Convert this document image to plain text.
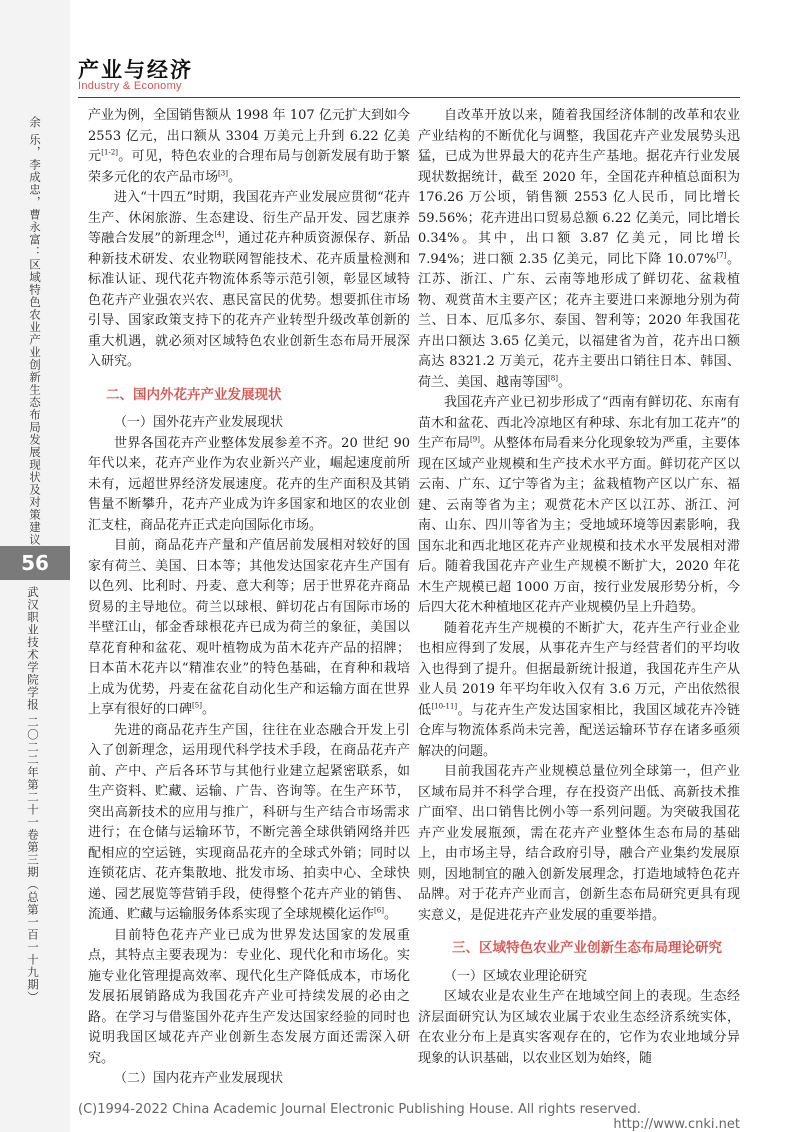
产业与经济
Industry & Economy
余 乐，李成忠，曹永富：区域特色农业产业创新生态布局发展现状及对策建议
56
武汉职业技术学院学报 二〇二二年第二十一卷第三期（总第一百一十九期）

产业为例，全国销售额从 1998 年 107 亿元扩大到如今 2553 亿元，出口额从 3304 万美元上升到 6.22 亿美元[1-2]。可见，特色农业的合理布局与创新发展有助于繁荣多元化的农产品市场[3]。

进入“十四五”时期，我国花卉产业发展应贯彻“花卉生产、休闲旅游、生态建设、衍生产品开发、园艺康养等融合发展”的新理念[4]，通过花卉种质资源保存、新品种新技术研发、农业物联网智能技术、花卉质量检测和标准认证、现代花卉物流体系等示范引领，彰显区域特色花卉产业强农兴农、惠民富民的优势。想要抓住市场引导、国家政策支持下的花卉产业转型升级改革创新的重大机遇，就必须对区域特色农业创新生态布局开展深入研究。

二、国内外花卉产业发展现状

（一）国外花卉产业发展现状

世界各国花卉产业整体发展参差不齐。20 世纪 90 年代以来，花卉产业作为农业新兴产业，崛起速度前所未有，远超世界经济发展速度。花卉的生产面积及其销售量不断攀升，花卉产业成为许多国家和地区的农业创汇支柱，商品花卉正式走向国际化市场。

目前，商品花卉产量和产值居前发展相对较好的国家有荷兰、美国、日本等；其他发达国家花卉生产国有以色列、比利时、丹麦、意大利等；居于世界花卉商品贸易的主导地位。荷兰以球根、鲜切花占有国际市场的半壁江山，郁金香球根花卉已成为荷兰的象征，美国以草花育种和盆花、观叶植物成为苗木花卉产品的招牌；日本苗木花卉以“精准农业”的特色基础，在育种和栽培上成为优势，丹麦在盆花自动化生产和运输方面在世界上享有很好的口碑[5]。

先进的商品花卉生产国，往往在业态融合开发上引入了创新理念，运用现代科学技术手段，在商品花卉产前、产中、产后各环节与其他行业建立起紧密联系，如生产资料、贮藏、运输、广告、咨询等。在生产环节，突出高新技术的应用与推广，科研与生产结合市场需求进行；在仓储与运输环节，不断完善全球供销网络并匹配相应的空运链，实现商品花卉的全球式外销；同时以连锁花店、花卉集散地、批发市场、拍卖中心、全球快递、园艺展览等营销手段，使得整个花卉产业的销售、流通、贮藏与运输服务体系实现了全球规模化运作[6]。

目前特色花卉产业已成为世界发达国家的发展重点，其特点主要表现为：专业化、现代化和市场化。实施专业化管理提高效率、现代化生产降低成本，市场化发展拓展销路成为我国花卉产业可持续发展的必由之路。在学习与借鉴国外花卉生产发达国家经验的同时也说明我国区域花卉产业创新生态发展方面还需深入研究。

（二）国内花卉产业发展现状

自改革开放以来，随着我国经济体制的改革和农业产业结构的不断优化与调整，我国花卉产业发展势头迅猛，已成为世界最大的花卉生产基地。据花卉行业发展现状数据统计，截至 2020 年，全国花卉种植总面积为 176.26 万公顷，销售额 2553 亿人民币，同比增长 59.56%；花卉进出口贸易总额 6.22 亿美元，同比增长 0.34%。其中，出口额 3.87 亿美元，同比增长 7.94%；进口额 2.35 亿美元，同比下降 10.07%[7]。江苏、浙江、广东、云南等地形成了鲜切花、盆栽植物、观赏苗木主要产区；花卉主要进口来源地分别为荷兰、日本、厄瓜多尔、泰国、智利等；2020 年我国花卉出口额达 3.65 亿美元，以福建省为首，花卉出口额高达 8321.2 万美元，花卉主要出口销往日本、韩国、荷兰、美国、越南等国[8]。

我国花卉产业已初步形成了“西南有鲜切花、东南有苗木和盆花、西北冷凉地区有种球、东北有加工花卉”的生产布局[9]。从整体布局看来分化现象较为严重，主要体现在区域产业规模和生产技术水平方面。鲜切花产区以云南、广东、辽宁等省为主；盆栽植物产区以广东、福建、云南等省为主；观赏花木产区以江苏、浙江、河南、山东、四川等省为主；受地域环境等因素影响，我国东北和西北地区花卉产业规模和技术水平发展相对滞后。随着我国花卉产业生产规模不断扩大，2020 年花木生产规模已超 1000 万亩，按行业发展形势分析，今后四大花木种植地区花卉产业规模仍呈上升趋势。

随着花卉生产规模的不断扩大，花卉生产行业企业也相应得到了发展，从事花卉生产与经营者们的平均收入也得到了提升。但据最新统计报道，我国花卉生产从业人员 2019 年平均年收入仅有 3.6 万元，产出依然很低[10-11]。与花卉生产发达国家相比，我国区域花卉冷链仓库与物流体系尚未完善，配送运输环节存在诸多亟须解决的问题。

目前我国花卉产业规模总量位列全球第一，但产业区域布局并不科学合理，存在投资产出低、高新技术推广面窄、出口销售比例小等一系列问题。为突破我国花卉产业发展瓶颈，需在花卉产业整体生态布局的基础上，由市场主导，结合政府引导，融合产业集约发展原则，因地制宜的融入创新发展理念，打造地域特色花卉品牌。对于花卉产业而言，创新生态布局研究更具有现实意义，是促进花卉产业发展的重要举措。

三、区域特色农业产业创新生态布局理论研究

（一）区域农业理论研究

区域农业是农业生产在地域空间上的表现。生态经济层面研究认为区域农业属于农业生态经济系统实体，在农业分布上是真实客观存在的，它作为农业地域分异现象的认识基础，以农业区划为始终，随

(C)1994-2022 China Academic Journal Electronic Publishing House. All rights reserved.
http://www.cnki.net
